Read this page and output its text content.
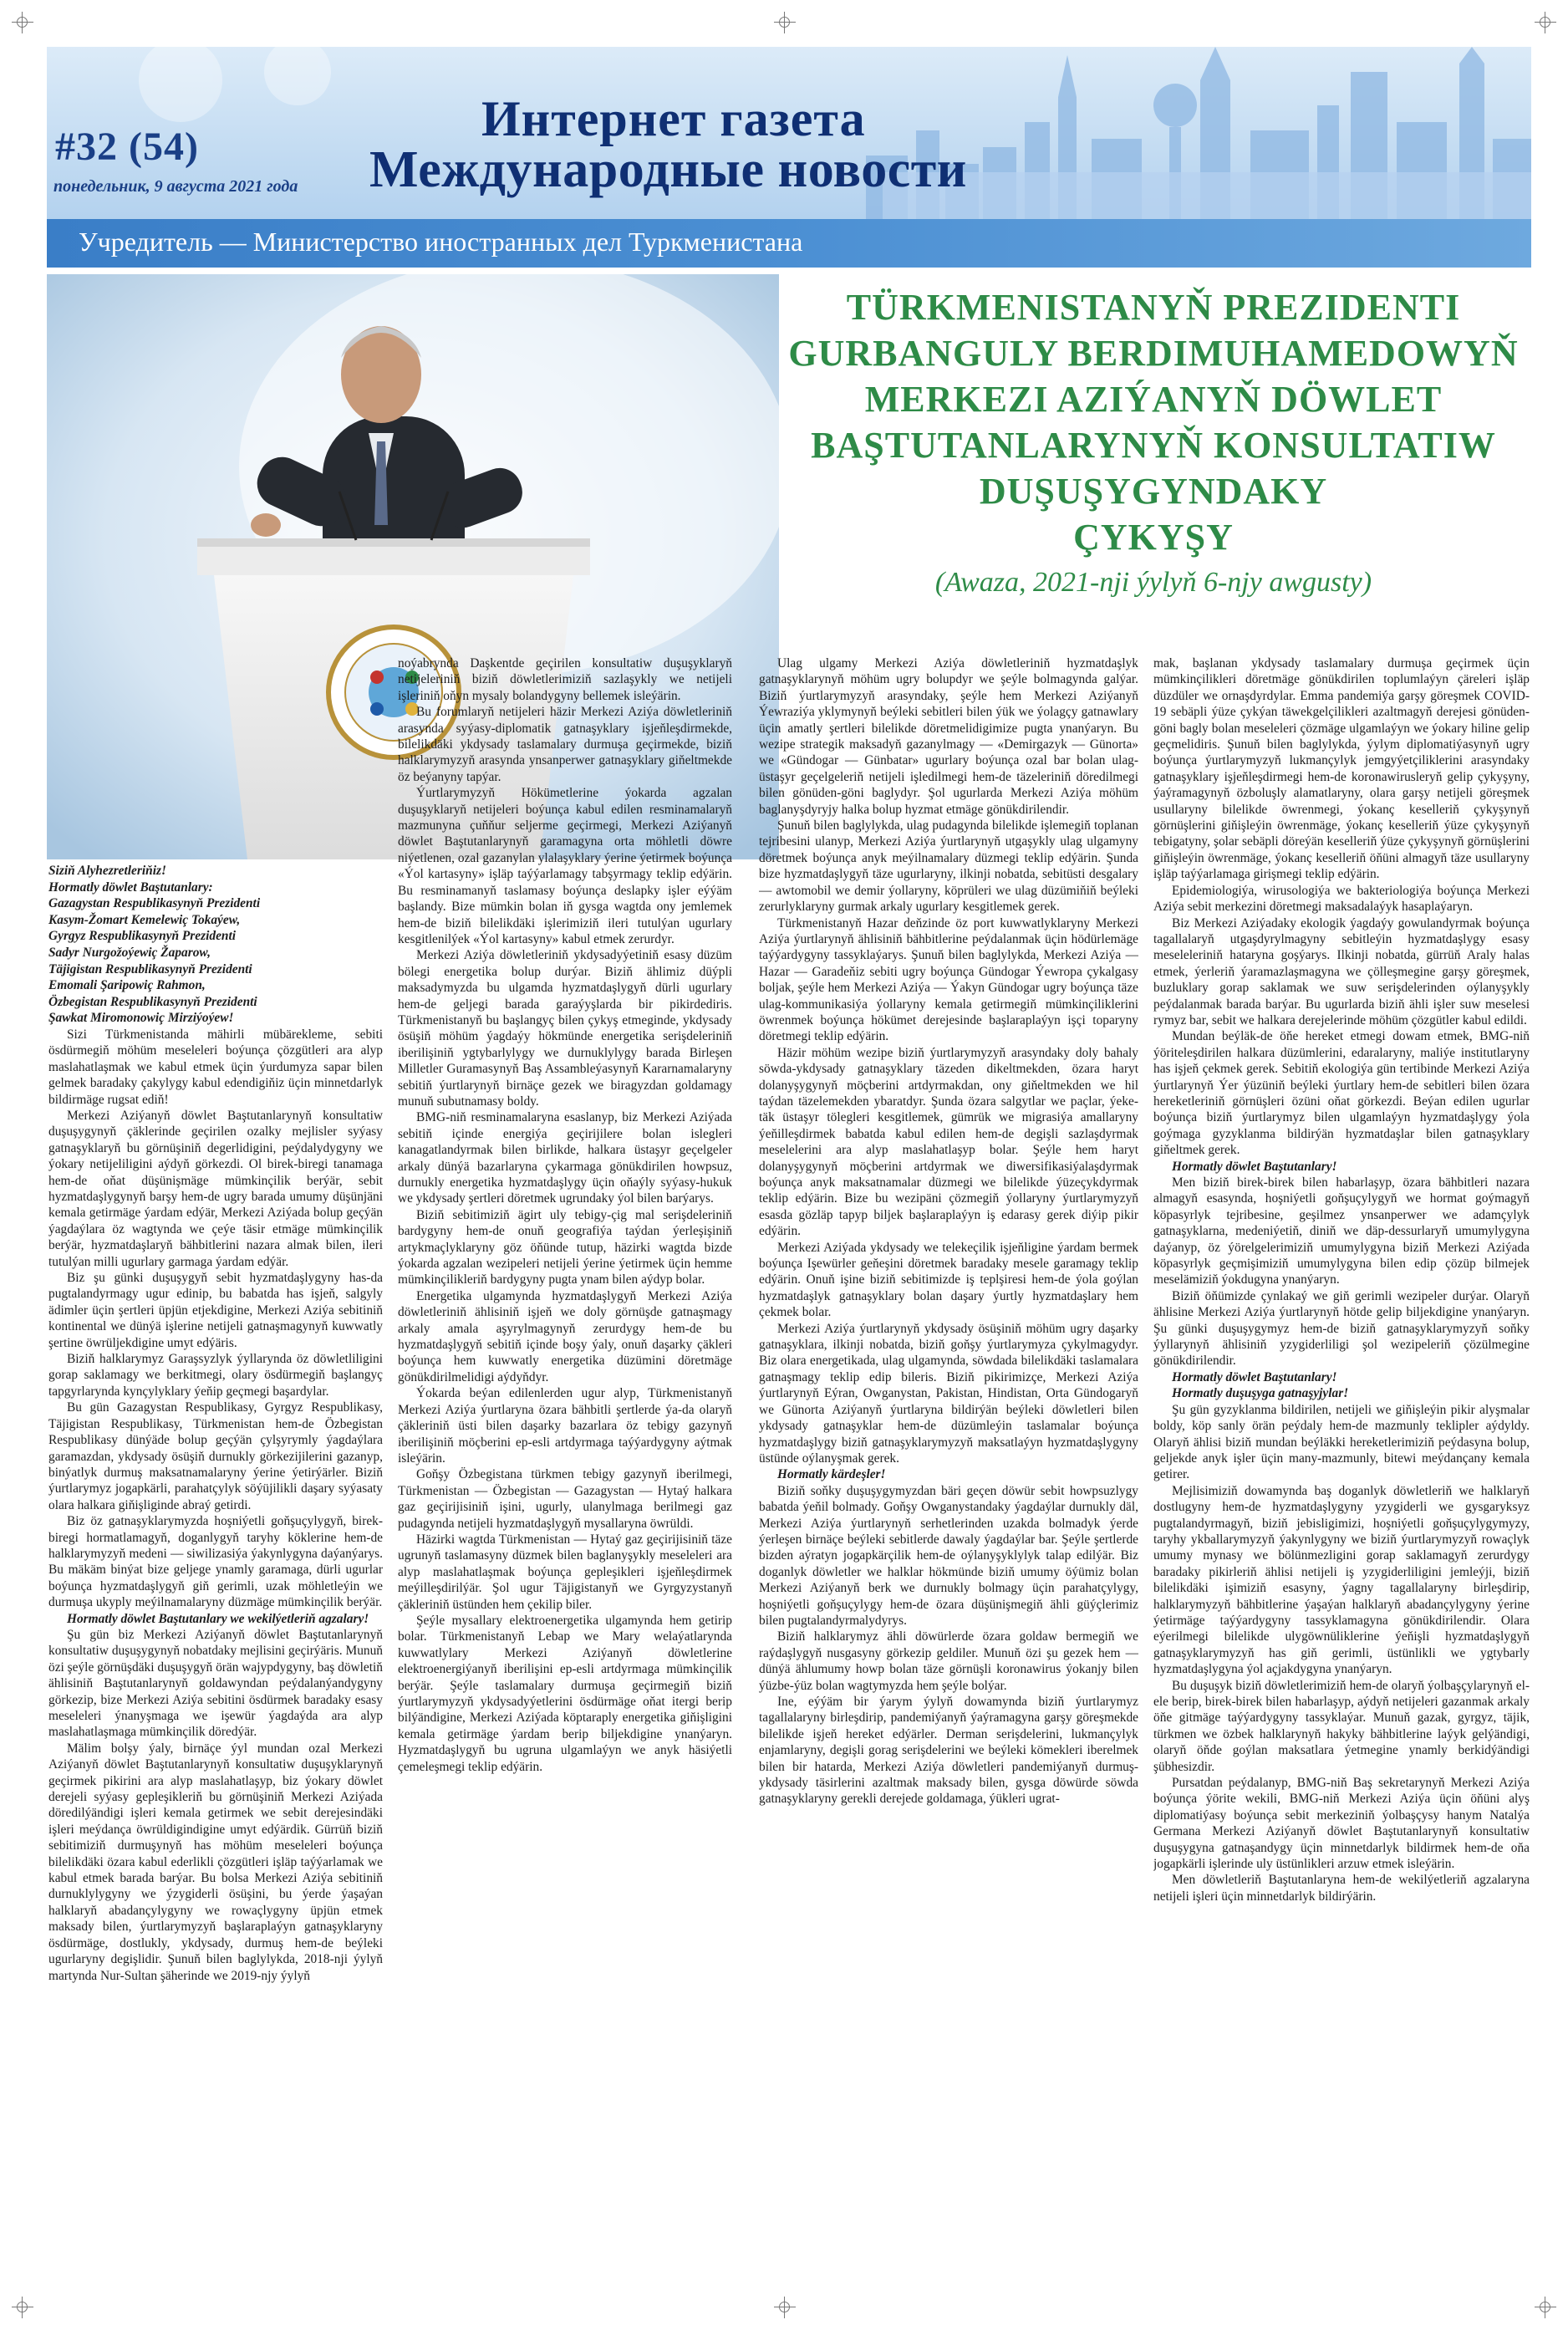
#32 (54)
понедельник, 9 августа 2021 года
Интернет газета
Международные новости
Учредитель — Министерство иностранных дел Туркменистана
TÜRKMENISTANYŇ PREZIDENTI
GURBANGULY BERDIMUHAMEDOWYŇ
MERKEZI AZIÝANYŇ DÖWLET
BAŞTUTANLARYNYŇ KONSULTATIW
DUŞUŞYGYNDAKY
ÇYKYŞY
(Awaza, 2021-nji ýylyň 6-njy awgusty)
Siziň Alyhezretleriňiz!
Hormatly döwlet Baştutanlary:
Gazagystan Respublikasynyň Prezidenti
Kasym-Žomart Kemelewiç Tokaýew,
Gyrgyz Respublikasynyň Prezidenti
Sadyr Nurgožoýewiç Žaparow,
Täjigistan Respublikasynyň Prezidenti
Emomali Şaripowiç Rahmon,
Özbegistan Respublikasynyň Prezidenti
Şawkat Miromonowiç Mirziýoýew!

Sizi Türkmenistanda mähirli mübärekleme, sebiti ösdürmegiň möhüm meseleleri boýunça çözgütleri ara alyp maslahatlaşmak we kabul etmek üçin ýurdumyza sapar bilen gelmek baradaky çakylygy kabul edendigiňiz üçin minnetdarlyk bildirmäge rugsat ediň!

Merkezi Aziýanyň döwlet Baştutanlarynyň konsultatiw duşuşygynyň çäklerinde geçirilen ozalky mejlisler syýasy gatnaşyklaryň bu görnüşiniň degerlidigini, peýdalydygyny we ýokary netijeliligini aýdyň görkezdi. Ol birek-biregi tanamaga hem-de oňat düşünişmäge mümkinçilik berýär, sebit hyzmatdaşlygynyň barşy hem-de ugry barada umumy düşünjäni kemala getirmäge ýardam edýär, Merkezi Aziýada bolup geçýän ýagdaýlara öz wagtynda we çeýe täsir etmäge mümkinçilik berýär, hyzmatdaşlaryň bähbitlerini nazara almak bilen, ileri tutulýan milli ugurlary garmaga ýardam edýär.

Biz şu günki duşuşygyň sebit hyzmatdaşlygyny has-da pugtalandyrmagy ugur edinip, bu babatda has işjeň, salgyly ädimler üçin şertleri üpjün etjekdigine, Merkezi Aziýa sebitiniň kontinental we dünýä işlerine netijeli gatnaşmagynyň kuwwatly şertine öwrüljekdigine umyt edýäris.

Biziň halklarymyz Garaşsyzlyk ýyllarynda öz döwletliligini gorap saklamagy we berkitmegi, olary ösdürmegiň başlangyç tapgyrlarynda kynçylyklary ýeňip geçmegi başardylar.

Bu gün Gazagystan Respublikasy, Gyrgyz Respublikasy, Täjigistan Respublikasy, Türkmenistan hem-de Özbegistan Respublikasy dünýäde bolup geçýän çylşyrymly ýagdaýlara garamazdan, ykdysady ösüşiň durnukly görkezijilerini gazanyp, binýatlyk durmuş maksatnamalaryny ýerine ýetirýärler. Biziň ýurtlarymyz jogapkärli, parahatçylyk söýüjilikli daşary syýasaty olara halkara giňişliginde abraý getirdi.

Biz öz gatnaşyklarymyzda hoşniýetli goňşuçylygyň, birek-biregi hormatlamagyň, doganlygyň taryhy köklerine hem-de halklarymyzyň medeni — siwilizasiýa ýakynlygyna daýanýarys. Bu mäkäm binýat bize geljege ynamly garamaga, dürli ugurlar boýunça hyzmatdaşlygyň giň gerimli, uzak möhletleýin we durmuşa ukyply meýilnamalaryny düzmäge mümkinçilik berýär.

Hormatly döwlet Baştutanlary we wekilýetleriň agzalary!

Şu gün biz Merkezi Aziýanyň döwlet Baştutanlarynyň konsultatiw duşuşygynyň nobatdaky mejlisini geçirýäris. Munuň özi şeýle görnüşdäki duşuşygyň örän wajypdygyny, baş döwletiň ählisiniň Baştutanlarynyň goldawyndan peýdalanýandygyny görkezip, bize Merkezi Aziýa sebitini ösdürmek baradaky esasy meseleleri ýnanyşmaga we işewür ýagdaýda ara alyp maslahatlaşmaga mümkinçilik döredýär.

Mälim bolşy ýaly, birnäçe ýyl mundan ozal Merkezi Aziýanyň döwlet Baştutanlarynyň konsultatiw duşuşyklarynyň geçirmek pikirini ara alyp maslahatlaşyp, biz ýokary döwlet derejeli syýasy gepleşikleriň bu görnüşiniň Merkezi Aziýada döredilýändigi işleri kemala getirmek we sebit derejesindäki işleri meýdança öwrüldigindigine umyt edýärdik. Gürrüň biziň sebitimiziň durmuşynyň has möhüm meseleleri boýunça bilelikdäki özara kabul ederlikli çözgütleri işläp taýýarlamak we kabul etmek barada barýar. Bu bolsa Merkezi Aziýa sebitiniň durnuklylygyny we ýzygiderli ösüşini, bu ýerde ýaşaýan halklaryň abadançylygyny we rowaçlygyny üpjün etmek maksady bilen, ýurtlarymyzyň başlaraplaýyn gatnaşyklaryny ösdürmäge, dostlukly, ykdysady, durmuş hem-de beýleki ugurlaryny degişlidir. Şunuň bilen baglylykda, 2018-nji ýylyň martynda Nur-Sultan şäherinde we 2019-njy ýylyň

noýabrynda Daşkentde geçirilen konsultatiw duşuşyklaryň netijeleriniň biziň döwletlerimiziň sazlaşykly we netijeli işleriniň oňyn mysaly bolandygyny bellemek isleýärin.

Bu forumlaryň netijeleri häzir Merkezi Aziýa döwletleriniň arasynda syýasy-diplomatik gatnaşyklary işjeňleşdirmekde, bilelikdäki ykdysady taslamalary durmuşa geçirmekde, biziň halklarymyzyň arasynda ynsanperwer gatnaşyklary giňeltmekde öz beýanyny tapýar.

Ýurtlarymyzyň Hökümetlerine ýokarda agzalan duşuşyklaryň netijeleri boýunça kabul edilen resminamalaryň mazmunyna çuňňur seljerme geçirmegi, Merkezi Aziýanyň döwlet Baştutanlarynyň garamagyna orta möhletli döwre niýetlenen, ozal gazanylan ylalaşyklary ýerine ýetirmek boýunça «Ýol kartasyny» işläp taýýarlamagy tabşyrmagy teklip edýärin. Bu resminamanyň taslamasy boýunça deslapky işler eýýäm başlandy. Bize mümkin bolan iň gysga wagtda ony jemlemek hem-de biziň bilelikdäki işlerimiziň ileri tutulýan ugurlary kesgitlenilýek «Ýol kartasyny» kabul etmek zerurdyr.

Merkezi Aziýa döwletleriniň ykdysadyýetiniň esasy düzüm bölegi energetika bolup durýar. Biziň ählimiz düýpli maksadymyzda bu ulgamda hyzmatdaşlygyň dürli ugurlary hem-de geljegi barada garaýyşlarda bir pikirdediris. Türkmenistanyň bu başlangyç bilen çykyş etmeginde, ykdysady ösüşiň möhüm ýagdaýy hökmünde energetika serişdeleriniň iberilişiniň ygtybarlylygy we durnuklylygy barada Birleşen Milletler Guramasynyň Baş Assambleýasynyň Kararnamalaryny sebitiň ýurtlarynyň birnäçe gezek we biragyzdan goldamagy munuň subutnamasy boldy.

BMG-niň resminamalaryna esaslanyp, biz Merkezi Aziýada sebitiň içinde energiýa geçirijilere bolan islegleri kanagatlandyrmak bilen birlikde, halkara üstaşyr geçelgeler arkaly dünýä bazarlaryna çykarmaga gönükdirilen howpsuz, durnukly energetika hyzmatdaşlygy üçin oňaýly syýasy-hukuk we ykdysady şertleri döretmek ugrundaky ýol bilen barýarys.

Biziň sebitimiziň ägirt uly tebigy-çig mal serişdeleriniň bardygyny hem-de onuň geografiýa taýdan ýerleşişiniň artykmaçlyklaryny göz öňünde tutup, häzirki wagtda bizde ýokarda agzalan wezipeleri netijeli ýerine ýetirmek üçin hemme mümkinçilikleriň bardygyny pugta ynam bilen aýdyp bolar.

Energetika ulgamynda hyzmatdaşlygyň Merkezi Aziýa döwletleriniň ählisiniň işjeň we doly görnüşde gatnaşmagy arkaly amala aşyrylmagynyň zerurdygy hem-de bu hyzmatdaşlygyň sebitiň içinde boşy ýaly, onuň daşarky çäkleri boýunça hem kuwwatly energetika düzümini döretmäge gönükdirilmelidigi aýdyňdyr.

Ýokarda beýan edilenlerden ugur alyp, Türkmenistanyň Merkezi Aziýa ýurtlaryna özara bähbitli şertlerde ýa-da olaryň çäkleriniň üsti bilen daşarky bazarlara öz tebigy gazynyň iberilişiniň möçberini ep-esli artdyrmaga taýýardygyny aýtmak isleýärin.

Goňşy Özbegistana türkmen tebigy gazynyň iberilmegi, Türkmenistan — Özbegistan — Gazagystan — Hytaý halkara gaz geçirijisiniň işini, ugurly, ulanylmaga berilmegi gaz pudagynda netijeli hyzmatdaşlygyň mysallaryna öwrüldi.

Häzirki wagtda Türkmenistan — Hytaý gaz geçirijisiniň täze ugrunyň taslamasyny düzmek bilen baglanyşykly meseleleri ara alyp maslahatlaşmak boýunça gepleşikleri işjeňleşdirmek meýilleşdirilýär. Şol ugur Täjigistanyň we Gyrgyzystanyň çäkleriniň üstünden hem çekilip biler.

Şeýle mysallary elektroenergetika ulgamynda hem getirip bolar. Türkmenistanyň Lebap we Mary welaýatlarynda kuwwatlylary Merkezi Aziýanyň döwletlerine elektroenergiýanyň iberilişini ep-esli artdyrmaga mümkinçilik berýär. Şeýle taslamalary durmuşa geçirmegiň biziň ýurtlarymyzyň ykdysadyýetlerini ösdürmäge oňat itergi berip bilýändigine, Merkezi Aziýada köptaraply energetika giňişligini kemala getirmäge ýardam berip biljekdigine ynanýaryn. Hyzmatdaşlygyň bu ugruna ulgamlaýyn we anyk häsiýetli çemeleşmegi teklip edýärin.

Ulag ulgamy Merkezi Aziýa döwletleriniň hyzmatdaşlyk gatnaşyklarynyň möhüm ugry bolupdyr we şeýle bolmagyndа galýar. Biziň ýurtlarymyzyň arasyndaky, şeýle hem Merkezi Aziýanyň Ýewraziýa yklymynyň beýleki sebitleri bilen ýük we ýolagçy gatnawlary üçin amatly şertleri bilelikde döretmelidigimize pugta ynanýaryn. Bu wezipe strategik maksadyň gazanylmagy — «Demirgazyk — Günorta» we «Gündogar — Günbatar» ugurlary boýunça ozal bar bolan ulag-üstaşyr geçelgeleriň netijeli işledilmegi hem-de täzeleriniň döredilmegi bilen gönüden-göni baglydyr. Şol ugurlarda Merkezi Aziýa möhüm baglanyşdyryjy halka bolup hyzmat etmäge gönükdirilendir.

Şunuň bilen baglylykda, ulag pudagynda bilelikde işlemegiň toplanan tejribesini ulanyp, Merkezi Aziýa ýurtlarynyň utgaşykly ulag ulgamyny döretmek boýunça anyk meýilnamalary düzmegi teklip edýärin. Şunda bize hyzmatdaşlygyň täze ugurlaryny, ilkinji nobatda, sebitüsti desgalary — awtomobil we demir ýollaryny, köprüleri we ulag düzümiňiň beýleki zerurlyklaryny gurmak arkaly ugurlary kesgitlemek gerek.

Türkmenistanyň Hazar deňzinde öz port kuwwatlyklaryny Merkezi Aziýa ýurtlarynyň ählisiniň bähbitlerine peýdalanmak üçin hödürlemäge taýýardygyny tassyklaýarys. Şunuň bilen baglylykda, Merkezi Aziýa — Hazar — Garadeňiz sebiti ugry boýunça Gündogar Ýewropa çykalgasy boljak, şeýle hem Merkezi Aziýa — Ýakyn Gündogar ugry boýunça täze ulag-kommunikasiýa ýollaryny kemala getirmegiň mümkinçiliklerini öwrenmek boýunça hökümet derejesinde başlaraplaýyn işçi toparyny döretmegi teklip edýärin.

Häzir möhüm wezipe biziň ýurtlarymyzyň arasyndaky doly bahaly söwda-ykdysady gatnaşyklary täzeden dikeltmekden, özara haryt dolanyşygynyň möçberini artdyrmakdan, ony giňeltmekden we hil taýdan täzelemekden ybaratdyr. Şunda özara salgytlar we paçlar, ýeke-täk üstaşyr tölegleri kesgitlemek, gümrük we migrasiýa amallaryny ýeňilleşdirmek babatda kabul edilen hem-de degişli sazlaşdyrmak meselelerini ara alyp maslahatlaşyp bolar. Şeýle hem haryt dolanyşygynyň möçberini artdyrmak we diwersifikasiýalaşdyrmak boýunça anyk maksatnamalar düzmegi we bilelikde ýüzeçykdyrmak teklip edýärin. Bize bu wezipäni çözmegiň ýollaryny ýurtlarymyzyň esasda gözläp tapyp biljek başlaraplaýyn iş edarasy gerek diýip pikir edýärin.

Merkezi Aziýada ykdysady we telekeçilik işjeňligine ýardam bermek boýunça Işewürler geňeşini döretmek baradaky mesele garamagy teklip edýärin. Onuň işine biziň sebitimizde iş teplşiresi hem-de ýola goýlan hyzmatdaşlyk gatnaşyklary bolan daşary ýurtly hyzmatdaşlary hem çekmek bolar.

Merkezi Aziýa ýurtlarynyň ykdysady ösüşiniň möhüm ugry daşarky gatnaşyklara, ilkinji nobatda, biziň goňşy ýurtlarymyza çykylmagydyr. Biz olara energetikada, ulag ulgamynda, söwdada bilelikdäki taslamalara gatnaşmagy teklip edip bileris. Biziň pikirimizçe, Merkezi Aziýa ýurtlarynyň Eýran, Owganystan, Pakistan, Hindistan, Orta Gündogaryň we Günorta Aziýanyň ýurtlaryna bildirýän beýleki döwletleri bilen ykdysady gatnaşyklar hem-de düzümleýin taslamalar boýunça hyzmatdaşlygy biziň gatnaşyklarymyzyň maksatlaýyn hyzmatdaşlygyny üstünde oýlanyşmak gerek.

Hormatly kärdeşler!

Biziň soňky duşuşygymyzdan bäri geçen döwür sebit howpsuzlygy babatda ýeňil bolmady. Goňşy Owganystandaky ýagdaýlar durnukly däl, Merkezi Aziýa ýurtlarynyň serhetlerinden uzakda bolmadyk ýerde ýerleşen birnäçe beýleki sebitlerde dawaly ýagdaýlar bar. Şeýle şertlerde bizden aýratyn jogapkärçilik hem-de oýlanyşyklylyk talap edilýär. Biz doganlyk döwletler we halklar hökmünde biziň umumy öýümiz bolan Merkezi Aziýanyň berk we durnukly bolmagy üçin parahatçylygy, hoşniýetli goňşuçylygy hem-de özara düşünişmegiň ähli güýçlerimiz bilen pugtalandyrmalydyrys.

Biziň halklarymyz ähli döwürlerde özara goldaw bermegiň we raýdaşlygyň nusgasyny görkezip geldiler. Munuň özi şu gezek hem — dünýä ählumumy howp bolan täze görnüşli koronawirus ýokanjy bilen ýüzbe-ýüz bolan wagtymyzda hem şeýle bolýar.

Ine, eýýäm bir ýarym ýylyň dowamynda biziň ýurtlarymyz tagallalaryny birleşdirip, pandemiýanyň ýaýramagyna garşy göreşmekde bilelikde işjeň hereket edýärler. Derman serişdelerini, lukmançylyk enjamlaryny, degişli gorag serişdelerini we beýleki kömekleri iberelmek bilen bir hatarda, Merkezi Aziýa döwletleri pandemiýanyň durmuş-ykdysady täsirlerini azaltmak maksady bilen, gysga döwürde söwda gatnaşyklaryny gerekli derejede goldamaga, ýükleri ugrat-

mak, başlanan ykdysady taslamalary durmuşa geçirmek üçin mümkinçilikleri döretmäge gönükdirilen toplumlaýyn çäreleri işläp düzdüler we ornaşdyrdylar. Emma pandemiýa garşy göreşmek COVID-19 sebäpli ýüze çykýan täwekgelçilikleri azaltmagyň derejesi gönüden-göni bagly bolan meseleleri çözmäge ulgamlaýyn we ýokary hiline gelip geçmelidiris. Şunuň bilen baglylykda, ýylym diplomatiýasynyň ugry boýunça ýurtlarymyzyň lukmançylyk jemgyýetçiliklerini arasyndaky gatnaşyklary işjeňleşdirmegi hem-de koronawirusleryň gelip çykyşyny, ýaýramagynyň özboluşly alamatlaryny, olara garşy netijeli göreşmek usullaryny bilelikde öwrenmegi, ýokanç keselleriň çykyşynyň görnüşlerini giňişleýin öwrenmäge, ýokanç keselleriň ýüze çykyşynyň tebigatyny, şolar sebäpli döreýän keselleriň ýüze çykyşynyň görnüşlerini giňişleýin öwrenmäge, ýokanç keselleriň öňüni almagyň täze usullaryny işläp taýýarlamaga girişmegi teklip edýärin.

Epidemiologiýa, wirusologiýa we bakteriologiýa boýunça Merkezi Aziýa sebit merkezini döretmegi maksadalaýyk hasaplaýaryn.

Biz Merkezi Aziýadaky ekologik ýagdaýy gowulandyrmak boýunça tagallalaryň utgaşdyrylmagyny sebitleýin hyzmatdaşlygy esasy meseleleriniň hataryna goşýarys. Ilkinji nobatda, gürrüň Araly halas etmek, ýerleriň ýaramazlaşmagyna we çölleşmegine garşy göreşmek, buzluklary gorap saklamak we suw serişdelerinden oýlanyşykly peýdalanmak barada barýar. Bu ugurlarda biziň ähli işler suw meselesi rymyz bar, sebit we halkara derejelerinde möhüm çözgütler kabul edildi.

Mundan beýläk-de öňe hereket etmegi dowam etmek, BMG-niň ýöriteleşdirilen halkara düzümlerini, edaralaryny, maliýe institutlaryny has işjeň çekmek gerek. Sebitiň ekologiýa gün tertibinde Merkezi Aziýa ýurtlarynyň Ýer ýüzüniň beýleki ýurtlary hem-de sebitleri bilen özara hereketleriniň görnüşleri özüni oňat görkezdi. Beýan edilen ugurlar boýunça biziň ýurtlarymyz bilen ulgamlaýyn hyzmatdaşlygy ýola goýmaga gyzyklanma bildirýän hyzmatdaşlar bilen gatnaşyklary giňeltmek gerek.

Hormatly döwlet Baştutanlary!

Men biziň birek-birek bilen habarlaşyp, özara bähbitleri nazara almagyň esasynda, hoşniýetli goňşuçylygyň we hormat goýmagyň köpasyrlyk tejribesine, geşilmez ynsanperwer we adamçylyk gatnaşyklarna, medeniýetiň, diniň we däp-dessurlaryň umumylygyna daýanyp, öz ýörelgelerimiziň umumylygyna biziň Merkezi Aziýada köpasyrlyk geçmişimiziň umumylygyna bilen edip çözüp bilmejek meselämiziň ýokdugyna ynanýaryn.

Biziň öňümizde çynlakaý we giň gerimli wezipeler durýar. Olaryň ählisine Merkezi Aziýa ýurtlarynyň hötde gelip biljekdigine ynanýaryn. Şu günki duşuşygymyz hem-de biziň gatnaşyklarymyzyň soňky ýyllarynyň ählisiniň yzygiderliligi şol wezipeleriň çözülmegine gönükdirilendir.

Hormatly döwlet Baştutanlary!

Hormatly duşuşyga gatnaşyjylar!

Şu gün gyzyklanma bildirilen, netijeli we giňişleýin pikir alyşmalar boldy, köp sanly örän peýdaly hem-de mazmunly teklipler aýdyldy. Olaryň ählisi biziň mundan beýläkki hereketlerimiziň peýdasyna bolup, geljekde anyk işler üçin many-mazmunly, bitewi meýdançany kemala getirer.

Mejlisimiziň dowamynda baş doganlyk döwletleriň we halklaryň dostlugyny hem-de hyzmatdaşlygyny yzygiderli we gysgaryksyz pugtalandyrmagyň, biziň jebisligimizi, hoşniýetli goňşuçylygymyzy, taryhy ykballarymyzyň ýakynlygyny we biziň ýurtlarymyzyň rowaçlyk umumy mynasy we bölünmezligini gorap saklamagyň zerurdygy baradaky pikirleriň ählisi netijeli iş yzygiderliligini jemleýji, biziň bilelikdäki işimiziň esasyny, ýagny tagallalaryny birleşdirip, halklarymyzyň bähbitlerine ýaşaýan halklaryň abadançylygyny ýerine ýetirmäge taýýardygyny tassyklamagyna gönükdirilendir. Olara eýerilmegi bilelikde ulygöwnüliklerine ýeňişli hyzmatdaşlygyň gatnaşyklarymyzyň has giň gerimli, üstünlikli we ygtybarly hyzmatdaşlygyna ýol açjakdygyna ynanýaryn.

Bu duşuşyk biziň döwletlerimiziň hem-de olaryň ýolbaşçylarynyň el-ele berip, birek-birek bilen habarlaşyp, aýdyň netijeleri gazanmak arkaly öňe gitmäge taýýardygyny tassyklaýar. Munuň gazak, gyrgyz, täjik, türkmen we özbek halklarynyň hakyky bähbitlerine laýyk gelýändigi, olaryň öňde goýlan maksatlara ýetmegine ynamly berkidýändigi şübhesizdir.

Pursatdan peýdalanyp, BMG-niň Baş sekretarynyň Merkezi Aziýa boýunça ýörite wekili, BMG-niň Merkezi Aziýa üçin öňüni alyş diplomatiýasy boýunça sebit merkeziniň ýolbaşçysy hanym Natalýa Germana Merkezi Aziýanyň döwlet Baştutanlarynyň konsultatiw duşuşygyna gatnaşandygy üçin minnetdarlyk bildirmek hem-de oňa jogapkärli işlerinde uly üstünlikleri arzuw etmek isleýärin.

Men döwletleriň Baştutanlaryna hem-de wekilýetleriň agzalaryna netijeli işleri üçin minnetdarlyk bildirýärin.
